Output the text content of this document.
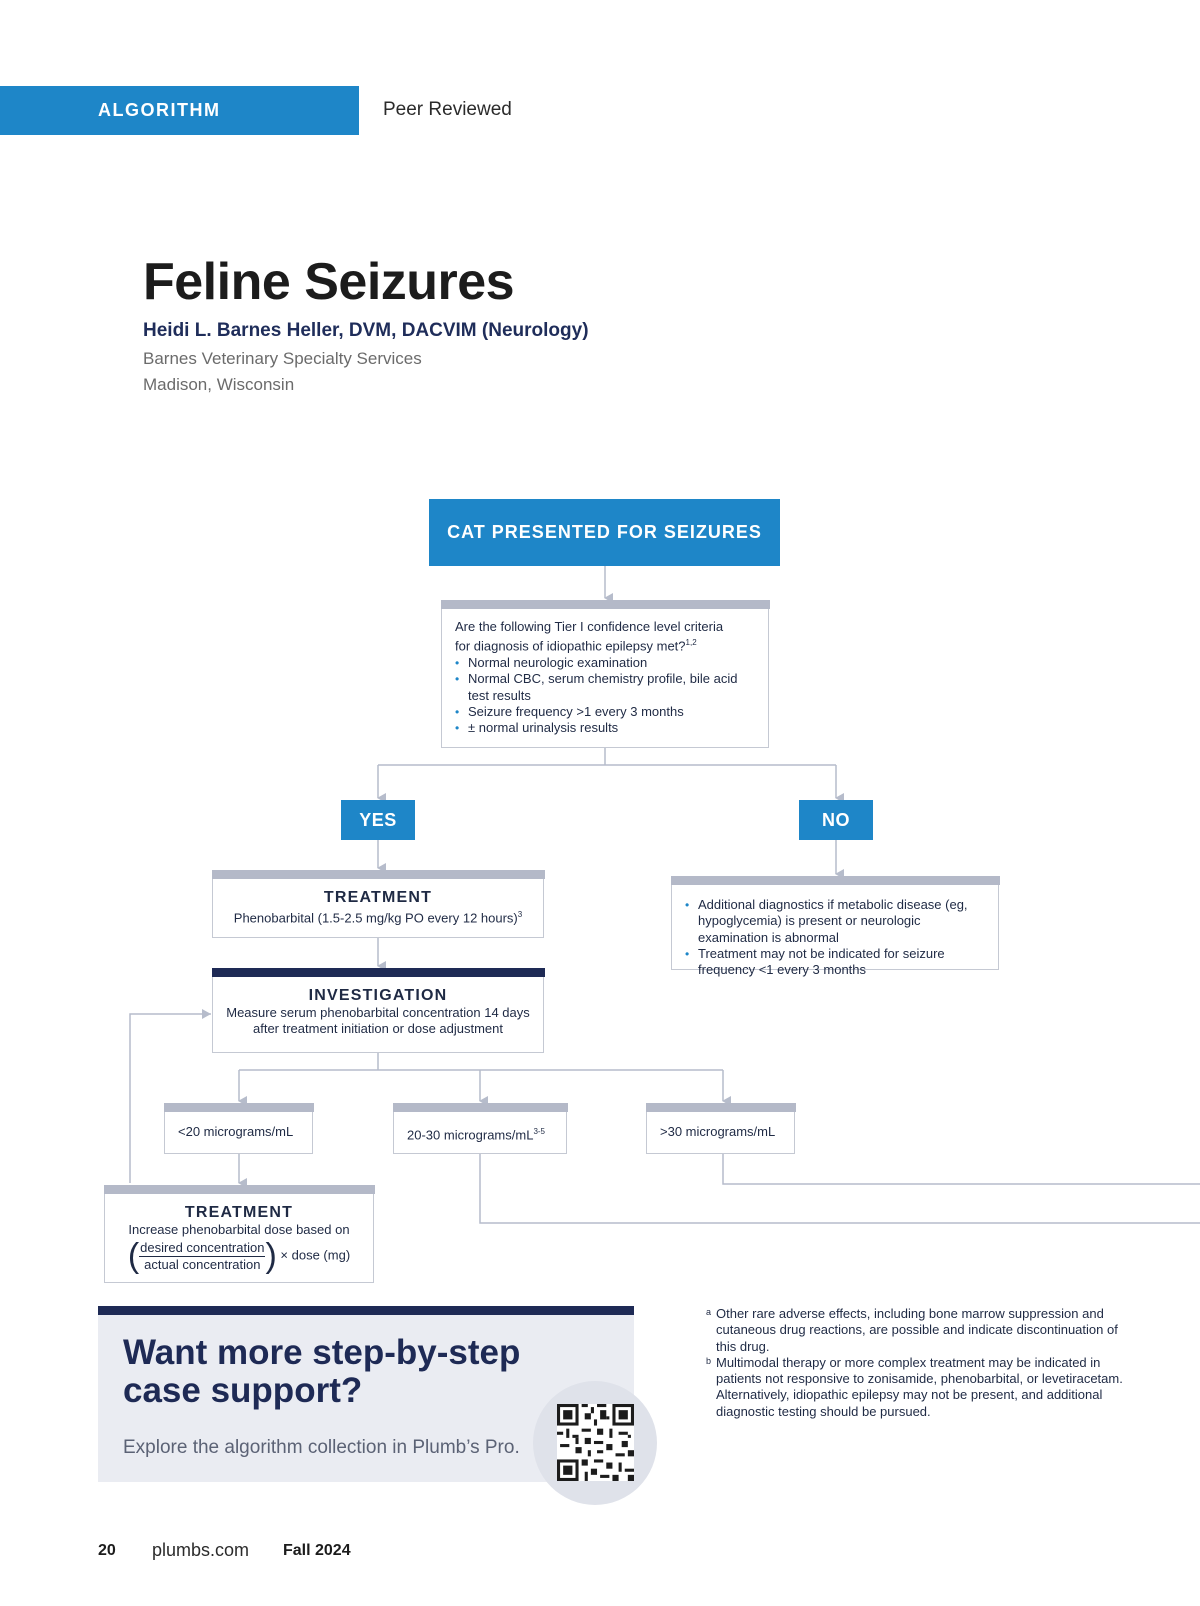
ALGORITHM	Peer Reviewed
Feline Seizures
Heidi L. Barnes Heller, DVM, DACVIM (Neurology)
Barnes Veterinary Specialty Services
Madison, Wisconsin
CAT PRESENTED FOR SEIZURES
Are the following Tier I confidence level criteria
for diagnosis of idiopathic epilepsy met?$^{1,2}$
• Normal neurologic examination
• Normal CBC, serum chemistry profile, bile acid test results
• Seizure frequency >1 every 3 months
• ± normal urinalysis results
YES	NO
TREATMENT
Phenobarbital (1.5-2.5 mg/kg PO every 12 hours)$^3$
• Additional diagnostics if metabolic disease (eg, hypoglycemia) is present or neurologic examination is abnormal
• Treatment may not be indicated for seizure frequency <1 every 3 months
INVESTIGATION
Measure serum phenobarbital concentration 14 days after treatment initiation or dose adjustment
<20 micrograms/mL	20-30 micrograms/$mL^{3-5}$	>30 micrograms/mL
TREATMENT
Increase phenobarbital dose based on
( $\frac{\text{desired concentration}}{\text{actual concentration}}$ ) × dose (mg)
Want more step-by-step case support?
Explore the algorithm collection in Plumb’s Pro.
a Other rare adverse effects, including bone marrow suppression and cutaneous drug reactions, are possible and indicate discontinuation of this drug.
b Multimodal therapy or more complex treatment may be indicated in patients not responsive to zonisamide, phenobarbital, or levetiracetam. Alternatively, idiopathic epilepsy may not be present, and additional diagnostic testing should be pursued.
20 plumbs.com Fall 2024
